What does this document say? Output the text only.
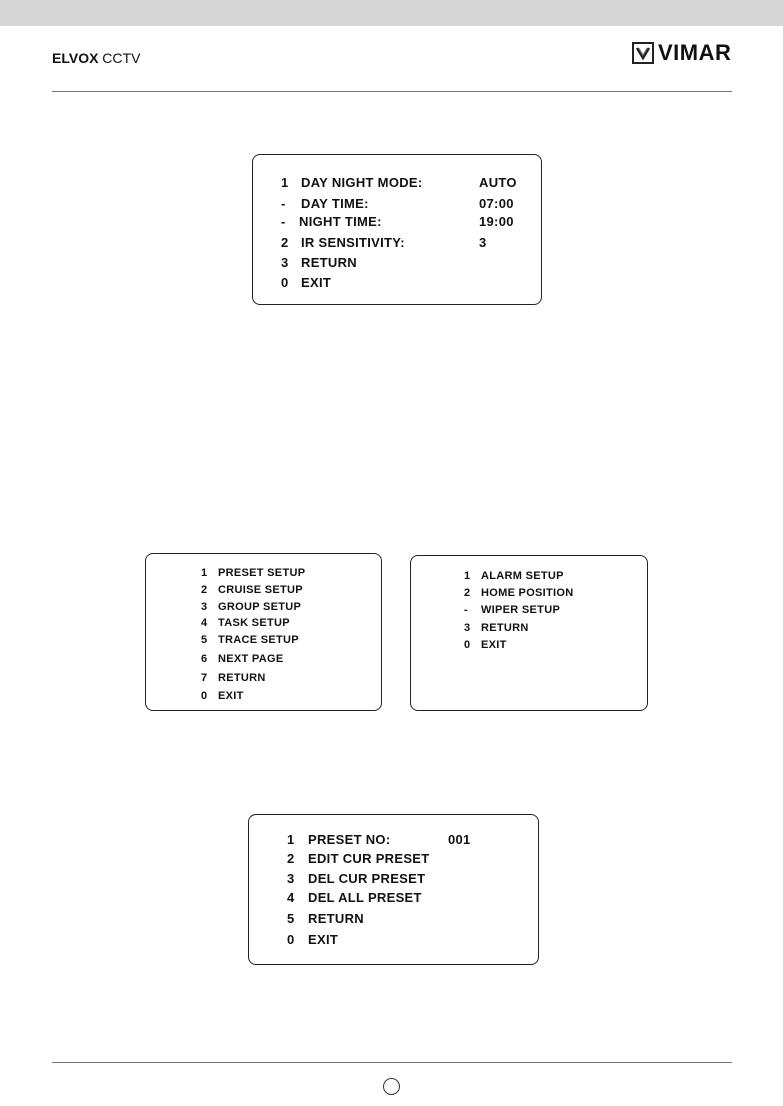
ELVOX CCTV	VIMAR
1 DAY NIGHT MODE:	AUTO
- DAY TIME:	07:00
- NIGHT TIME:	19:00
2 IR SENSITIVITY:	3
3 RETURN
0 EXIT
1 PRESET SETUP
2 CRUISE SETUP
3 GROUP SETUP
4 TASK SETUP
5 TRACE SETUP
6 NEXT PAGE
7 RETURN
0 EXIT
1 ALARM SETUP
2 HOME POSITION
- WIPER SETUP
3 RETURN
0 EXIT
1 PRESET NO:	001
2 EDIT CUR PRESET
3 DEL CUR PRESET
4 DEL ALL PRESET
5 RETURN
0 EXIT
